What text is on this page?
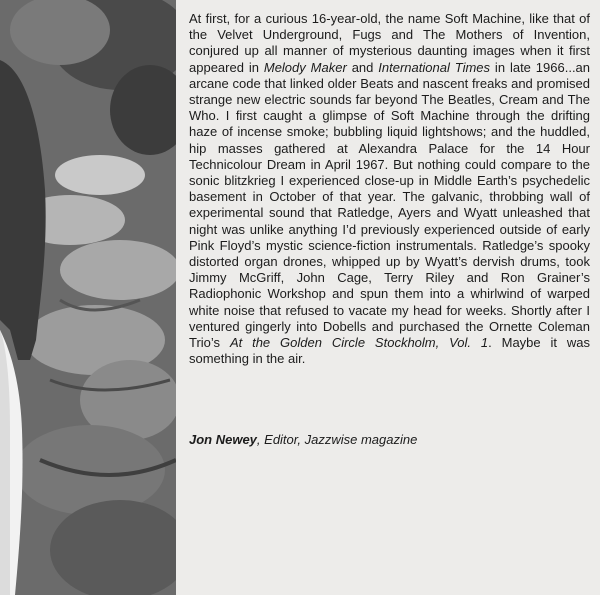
At first, for a curious 16-year-old, the name Soft Machine, like that of the Velvet Underground, Fugs and The Mothers of Invention, conjured up all manner of mysterious daunting images when it first appeared in Melody Maker and International Times in late 1966...an arcane code that linked older Beats and nascent freaks and promised strange new electric sounds far beyond The Beatles, Cream and The Who. I first caught a glimpse of Soft Machine through the drifting haze of incense smoke; bubbling liquid lightshows; and the huddled, hip masses gathered at Alexandra Palace for the 14 Hour Technicolour Dream in April 1967. But nothing could compare to the sonic blitzkrieg I experienced close-up in Middle Earth’s psychedelic basement in October of that year. The galvanic, throbbing wall of experimental sound that Ratledge, Ayers and Wyatt unleashed that night was unlike anything I’d previously experienced outside of early Pink Floyd’s mystic science-fiction instrumentals. Ratledge’s spooky distorted organ drones, whipped up by Wyatt’s dervish drums, took Jimmy McGriff, John Cage, Terry Riley and Ron Grainer’s Radiophonic Workshop and spun them into a whirlwind of warped white noise that refused to vacate my head for weeks. Shortly after I ventured gingerly into Dobells and purchased the Ornette Coleman Trio’s At the Golden Circle Stockholm, Vol. 1. Maybe it was something in the air.

Jon Newey, Editor, Jazzwise magazine
